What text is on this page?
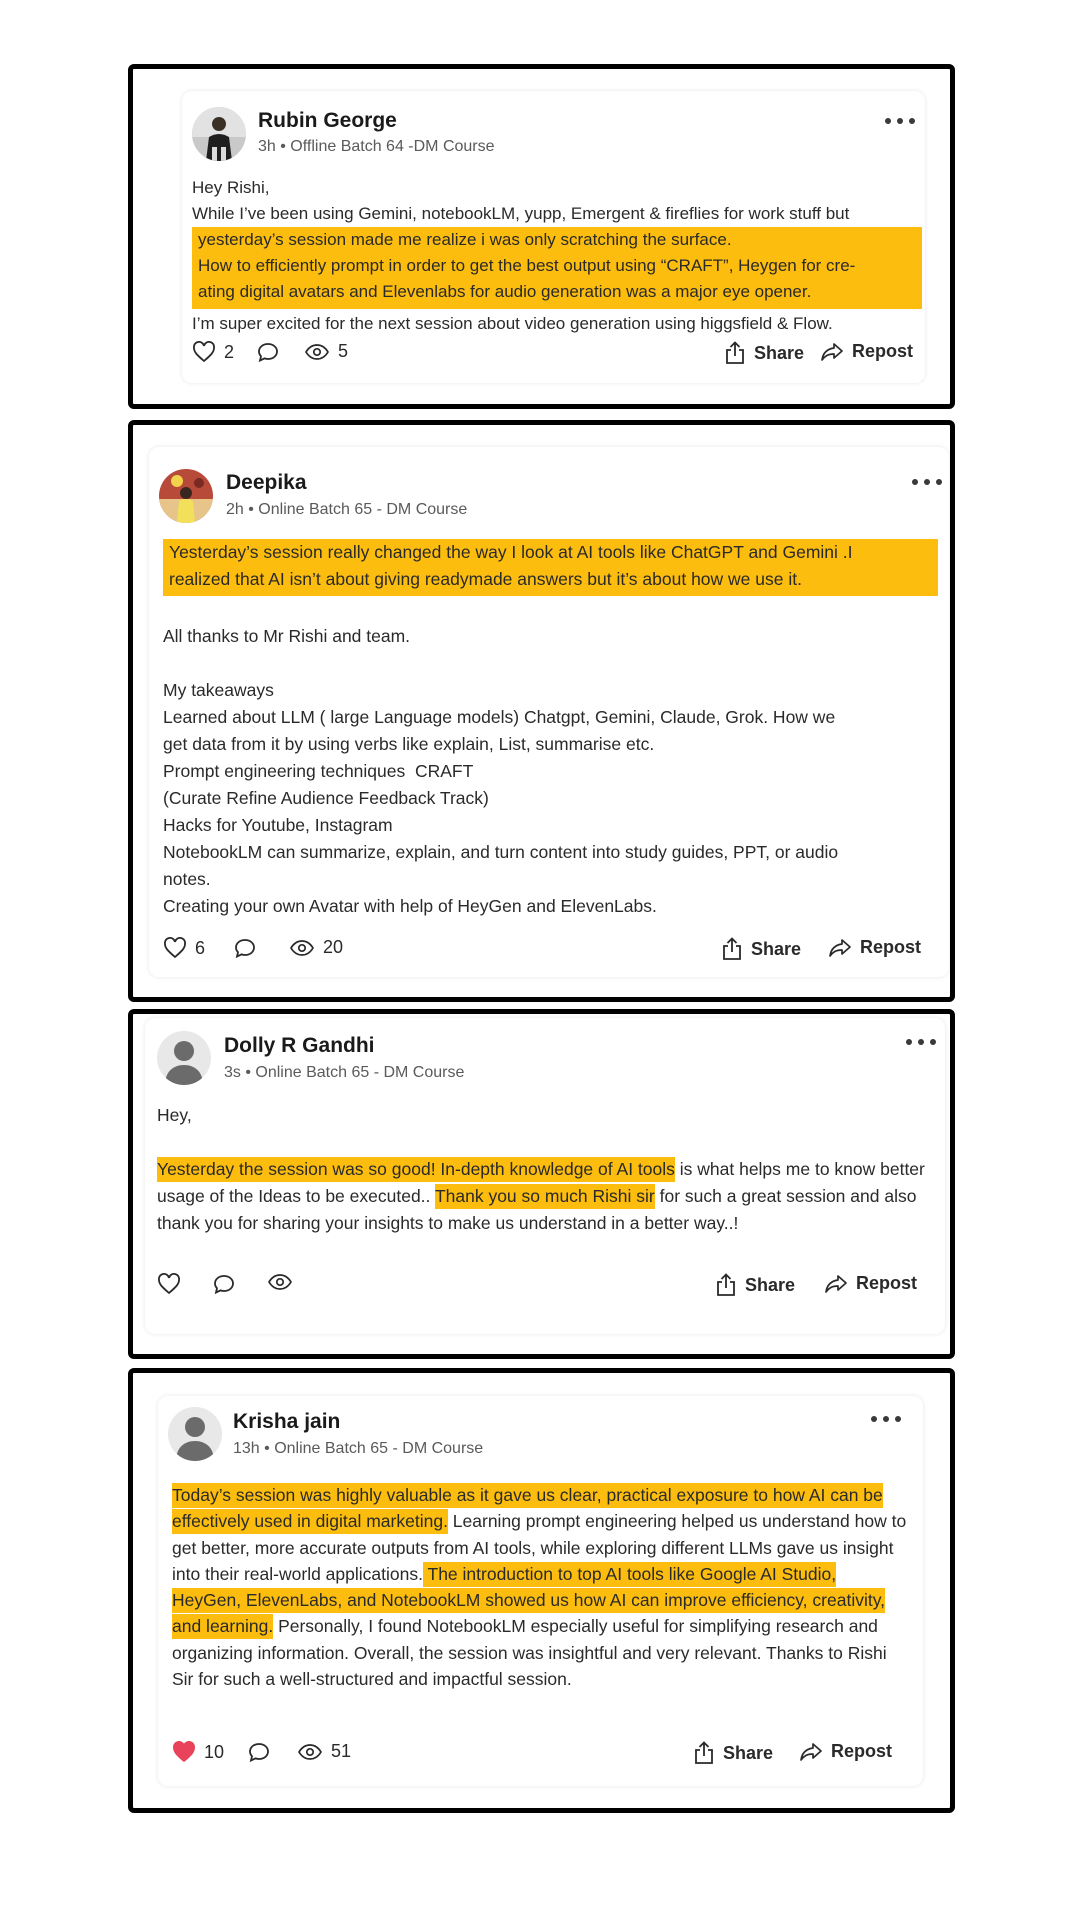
Rubin George
3h • Offline Batch 64 -DM Course

Hey Rishi,

While I’ve been using Gemini, notebookLM, yupp, Emergent & fireflies for work stuff but

yesterday’s session made me realize i was only scratching the surface.

How to efficiently prompt in order to get the best output using “CRAFT”, Heygen for cre-

ating digital avatars and Elevenlabs for audio generation was a major eye opener.

I’m super excited for the next session about video generation using higgsfield & Flow.

2	5	Share	Repost
Deepika
2h • Online Batch 65 - DM Course

Yesterday’s session really changed the way I look at AI tools like ChatGPT and Gemini .I

realized that AI isn’t about giving readymade answers but it’s about how we use it.

All thanks to Mr Rishi and team.

My takeaways

Learned about LLM ( large Language models) Chatgpt, Gemini, Claude, Grok. How we

get data from it by using verbs like explain, List, summarise etc.

Prompt engineering techniques  CRAFT

(Curate Refine Audience Feedback Track)

Hacks for Youtube, Instagram

NotebookLM can summarize, explain, and turn content into study guides, PPT, or audio

notes.

Creating your own Avatar with help of HeyGen and ElevenLabs.

6	20	Share	Repost
Dolly R Gandhi
3s • Online Batch 65 - DM Course

Hey,

Yesterday the session was so good! In-depth knowledge of AI tools is what helps me to know better usage of the Ideas to be executed.. Thank you so much Rishi sir for such a great session and also thank you for sharing your insights to make us understand in a better way..!

Share	Repost
Krisha jain
13h • Online Batch 65 - DM Course

Today’s session was highly valuable as it gave us clear, practical exposure to how AI can be effectively used in digital marketing. Learning prompt engineering helped us understand how to get better, more accurate outputs from AI tools, while exploring different LLMs gave us insight into their real-world applications. The introduction to top AI tools like Google AI Studio, HeyGen, ElevenLabs, and NotebookLM showed us how AI can improve efficiency, creativity, and learning. Personally, I found NotebookLM especially useful for simplifying research and organizing information. Overall, the session was insightful and very relevant. Thanks to Rishi Sir for such a well-structured and impactful session.

10	51	Share	Repost
